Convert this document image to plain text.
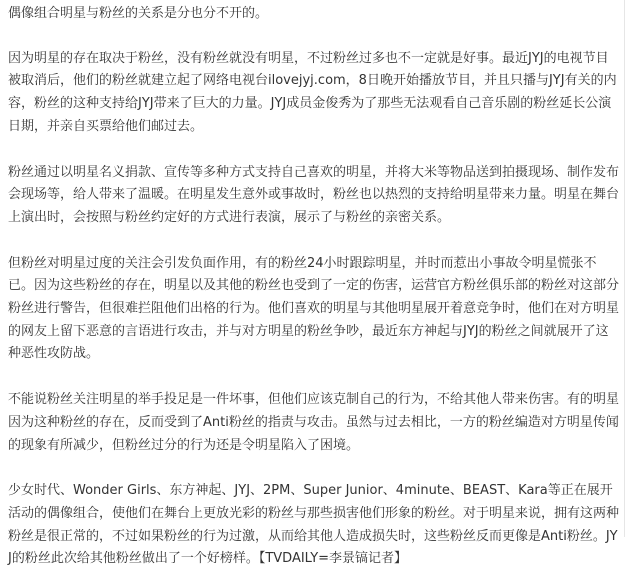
偶像组合明星与粉丝的关系是分也分不开的。

因为明星的存在取决于粉丝，没有粉丝就没有明星，不过粉丝过多也不一定就是好事。最近JYJ的电视节目被取消后，他们的粉丝就建立起了网络电视台ilovejyj.com，8日晚开始播放节目，并且只播与JYJ有关的内容，粉丝的这种支持给JYJ带来了巨大的力量。JYJ成员金俊秀为了那些无法观看自己音乐剧的粉丝延长公演日期，并亲自买票给他们邮过去。

粉丝通过以明星名义捐款、宣传等多种方式支持自己喜欢的明星，并将大米等物品送到拍摄现场、制作发布会现场等，给人带来了温暖。在明星发生意外或事故时，粉丝也以热烈的支持给明星带来力量。明星在舞台上演出时，会按照与粉丝约定好的方式进行表演，展示了与粉丝的亲密关系。

但粉丝对明星过度的关注会引发负面作用，有的粉丝24小时跟踪明星，并时而惹出小事故令明星慌张不已。因为这些粉丝的存在，明星以及其他的粉丝也受到了一定的伤害，运营官方粉丝俱乐部的粉丝对这部分粉丝进行警告，但很难拦阻他们出格的行为。他们喜欢的明星与其他明星展开着意竞争时，他们在对方明星的网友上留下恶意的言语进行攻击，并与对方明星的粉丝争吵，最近东方神起与JYJ的粉丝之间就展开了这种恶性攻防战。

不能说粉丝关注明星的举手投足是一件坏事，但他们应该克制自己的行为，不给其他人带来伤害。有的明星因为这种粉丝的存在，反而受到了Anti粉丝的指责与攻击。虽然与过去相比，一方的粉丝编造对方明星传闻的现象有所减少，但粉丝过分的行为还是令明星陷入了困境。

少女时代、Wonder Girls、东方神起、JYJ、2PM、Super Junior、4minute、BEAST、Kara等正在展开活动的偶像组合，使他们在舞台上更放光彩的粉丝与那些损害他们形象的粉丝。对于明星来说，拥有这两种粉丝是很正常的，不过如果粉丝的行为过激，从而给其他人造成损失时，这些粉丝反而更像是Anti粉丝。JYJ的粉丝此次给其他粉丝做出了一个好榜样。【TVDAILY=李景镐记者】
